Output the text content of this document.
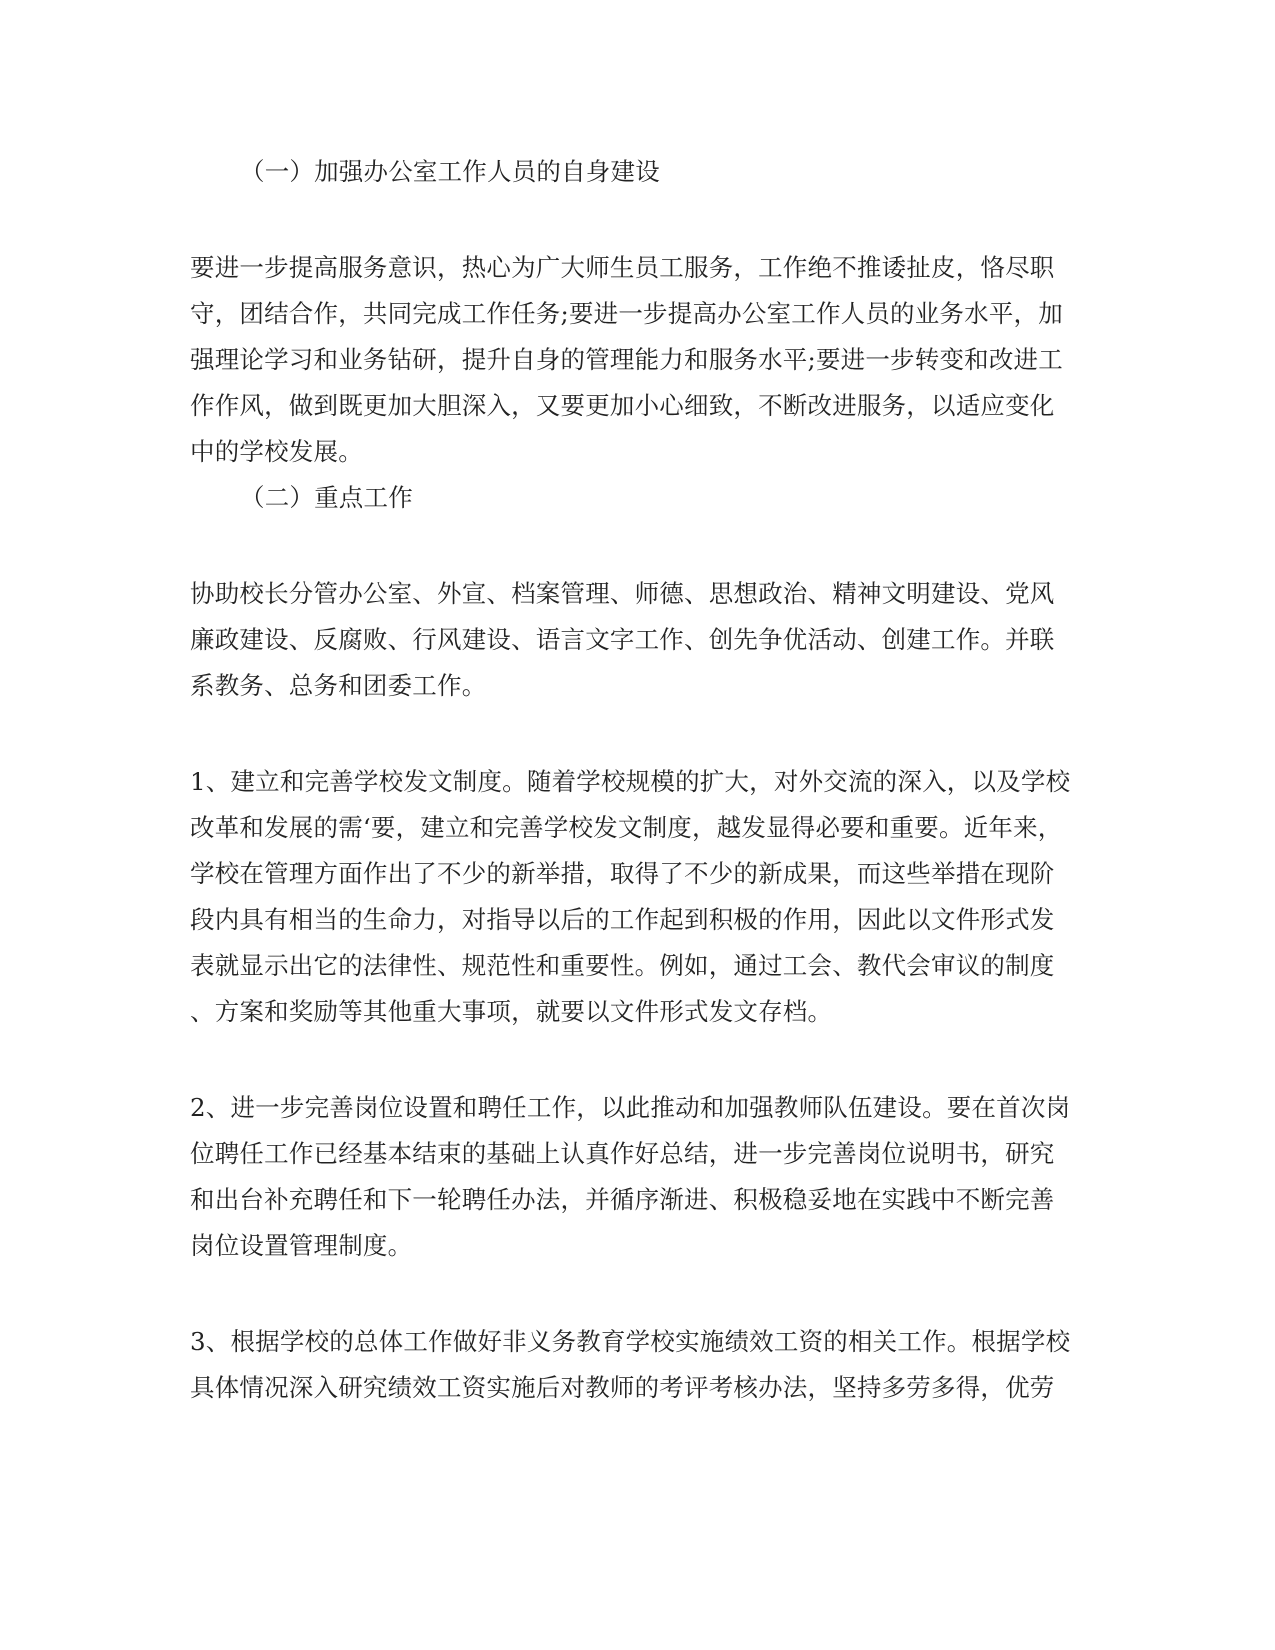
（一）加强办公室工作人员的自身建设
要进一步提高服务意识，热心为广大师生员工服务，工作绝不推诿扯皮，恪尽职
守，团结合作，共同完成工作任务;要进一步提高办公室工作人员的业务水平，加
强理论学习和业务钻研，提升自身的管理能力和服务水平;要进一步转变和改进工
作作风，做到既更加大胆深入，又要更加小心细致，不断改进服务，以适应变化
中的学校发展。
（二）重点工作
协助校长分管办公室、外宣、档案管理、师德、思想政治、精神文明建设、党风
廉政建设、反腐败、行风建设、语言文字工作、创先争优活动、创建工作。并联
系教务、总务和团委工作。
1、建立和完善学校发文制度。随着学校规模的扩大，对外交流的深入，以及学校
改革和发展的需‘要，建立和完善学校发文制度，越发显得必要和重要。近年来，
学校在管理方面作出了不少的新举措，取得了不少的新成果，而这些举措在现阶
段内具有相当的生命力，对指导以后的工作起到积极的作用，因此以文件形式发
表就显示出它的法律性、规范性和重要性。例如，通过工会、教代会审议的制度
、方案和奖励等其他重大事项，就要以文件形式发文存档。
2、进一步完善岗位设置和聘任工作，以此推动和加强教师队伍建设。要在首次岗
位聘任工作已经基本结束的基础上认真作好总结，进一步完善岗位说明书，研究
和出台补充聘任和下一轮聘任办法，并循序渐进、积极稳妥地在实践中不断完善
岗位设置管理制度。
3、根据学校的总体工作做好非义务教育学校实施绩效工资的相关工作。根据学校
具体情况深入研究绩效工资实施后对教师的考评考核办法，坚持多劳多得，优劳
